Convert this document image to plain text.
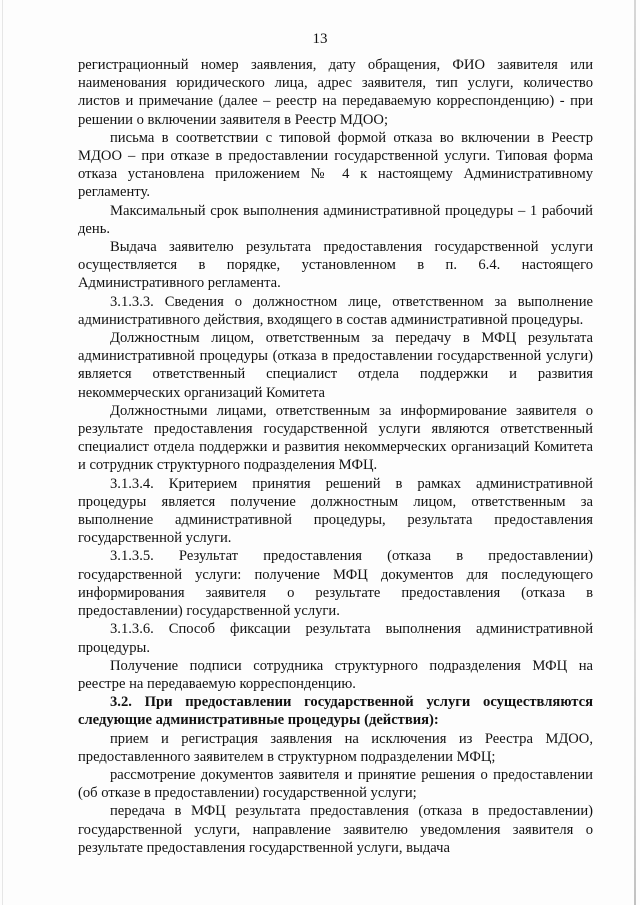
13

регистрационный номер заявления, дату обращения, ФИО заявителя или наименования юридического лица, адрес заявителя, тип услуги, количество листов и примечание (далее – реестр на передаваемую корреспонденцию) - при решении о включении заявителя в Реестр МДОО;

письма в соответствии с типовой формой отказа во включении в Реестр МДОО – при отказе в предоставлении государственной услуги. Типовая форма отказа установлена приложением № 4 к настоящему Административному регламенту.

Максимальный срок выполнения административной процедуры – 1 рабочий день.

Выдача заявителю результата предоставления государственной услуги осуществляется в порядке, установленном в п. 6.4. настоящего Административного регламента.

3.1.3.3. Сведения о должностном лице, ответственном за выполнение административного действия, входящего в состав административной процедуры.

Должностным лицом, ответственным за передачу в МФЦ результата административной процедуры (отказа в предоставлении государственной услуги) является ответственный специалист отдела поддержки и развития некоммерческих организаций Комитета

Должностными лицами, ответственным за информирование заявителя о результате предоставления государственной услуги являются ответственный специалист отдела поддержки и развития некоммерческих организаций Комитета и сотрудник структурного подразделения МФЦ.

3.1.3.4. Критерием принятия решений в рамках административной процедуры является получение должностным лицом, ответственным за выполнение административной процедуры, результата предоставления государственной услуги.

3.1.3.5. Результат предоставления (отказа в предоставлении) государственной услуги: получение МФЦ документов для последующего информирования заявителя о результате предоставления (отказа в предоставлении) государственной услуги.

3.1.3.6. Способ фиксации результата выполнения административной процедуры.

Получение подписи сотрудника структурного подразделения МФЦ на реестре на передаваемую корреспонденцию.

3.2. При предоставлении государственной услуги осуществляются следующие административные процедуры (действия):

прием и регистрация заявления на исключения из Реестра МДОО, предоставленного заявителем в структурном подразделении МФЦ;

рассмотрение документов заявителя и принятие решения о предоставлении (об отказе в предоставлении) государственной услуги;

передача в МФЦ результата предоставления (отказа в предоставлении) государственной услуги, направление заявителю уведомления заявителя о результате предоставления государственной услуги, выдача
